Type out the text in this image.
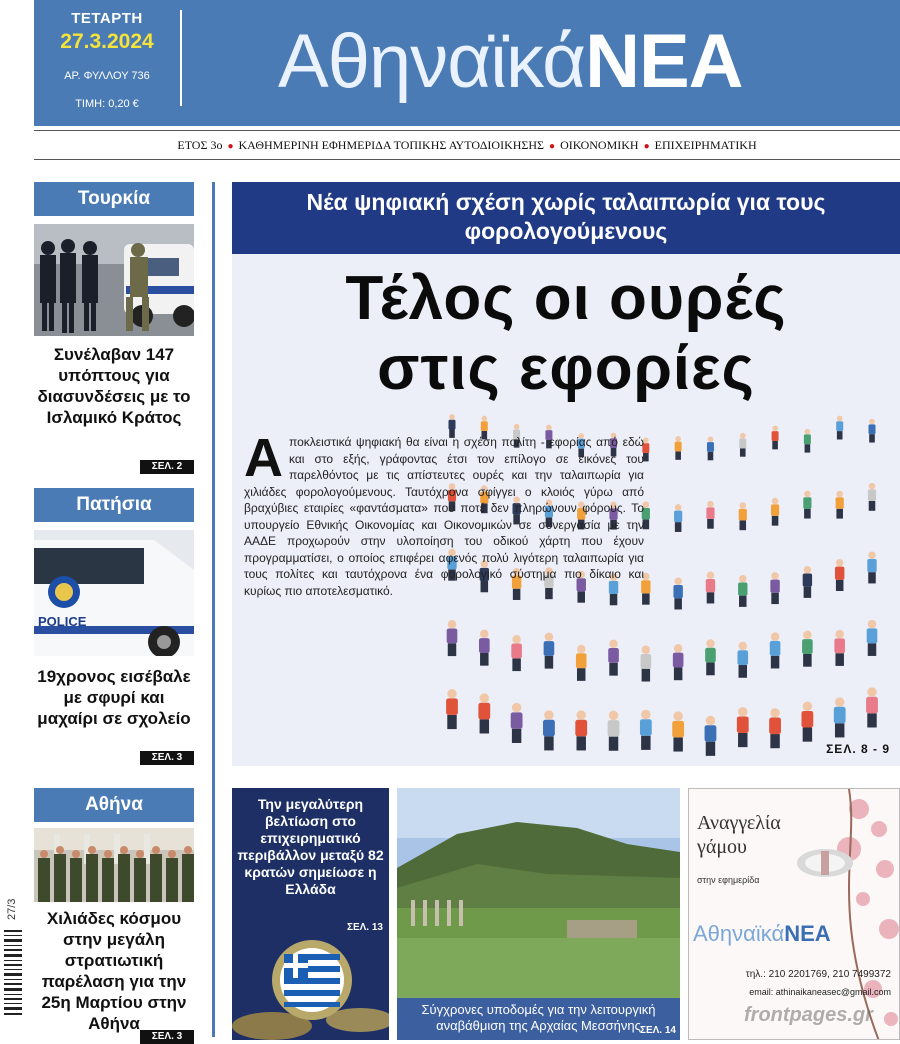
ΤΕΤΑΡΤΗ
27.3.2024
ΑΡ. ΦΥΛΛΟΥ 736
ΤΙΜΗ: 0,20 €	ΑθηναϊκάΝΕΑ
ΕΤΟΣ 3ο ● ΚΑΘΗΜΕΡΙΝΗ ΕΦΗΜΕΡΙΔΑ ΤΟΠΙΚΗΣ ΑΥΤΟΔΙΟΙΚΗΣΗΣ ● ΟΙΚΟΝΟΜΙΚΗ ● ΕΠΙΧΕΙΡΗΜΑΤΙΚΗ
Τουρκία
Συνέλαβαν 147 υπόπτους για διασυνδέσεις με το Ισλαμικό Κράτος
ΣΕΛ. 2
Πατήσια
POLICE
19χρονος εισέβαλε με σφυρί και μαχαίρι σε σχολείο
ΣΕΛ. 3
Αθήνα
Χιλιάδες κόσμου στην μεγάλη στρατιωτική παρέλαση για την 25η Μαρτίου στην Αθήνα
ΣΕΛ. 3
Νέα ψηφιακή σχέση χωρίς ταλαιπωρία για τους φορολογούμενους
Τέλος οι ουρές
στις εφορίες
Αποκλειστικά ψηφιακή θα είναι η σχέση πολίτη - εφορίας από εδώ και στο εξής, γράφοντας έτσι τον επίλογο σε εικόνες του παρελθόντος με τις απίστευτες ουρές και την ταλαιπωρία για χιλιάδες φορολογούμενους. Ταυτόχρονα σφίγγει ο κλοιός γύρω από βραχύβιες εταιρίες «φαντάσματα» που ποτέ δεν πληρώνουν φόρους. Το υπουργείο Εθνικής Οικονομίας και Οικονομικών σε συνεργασία με την ΑΑΔΕ προχωρούν στην υλοποίηση του οδικού χάρτη που έχουν προγραμματίσει, ο οποίος επιφέρει αφενός πολύ λιγότερη ταλαιπωρία για τους πολίτες και ταυτόχρονα ένα φορολογικό σύστημα πιο δίκαιο και κυρίως πιο αποτελεσματικό.
ΣΕΛ. 8 - 9
Την μεγαλύτερη βελτίωση στο επιχειρηματικό περιβάλλον μεταξύ 82 κρατών σημείωσε η Ελλάδα
ΣΕΛ. 13
Σύγχρονες υποδομές για την λειτουργική αναβάθμιση της Αρχαίας Μεσσήνης ΣΕΛ. 14
Αναγγελία γάμου
στην εφημερίδα
ΑθηναϊκάΝΕΑ
τηλ.: 210 2201769, 210 7499372
email: athinaikaneasec@gmail.com
27/3
frontpages.gr
